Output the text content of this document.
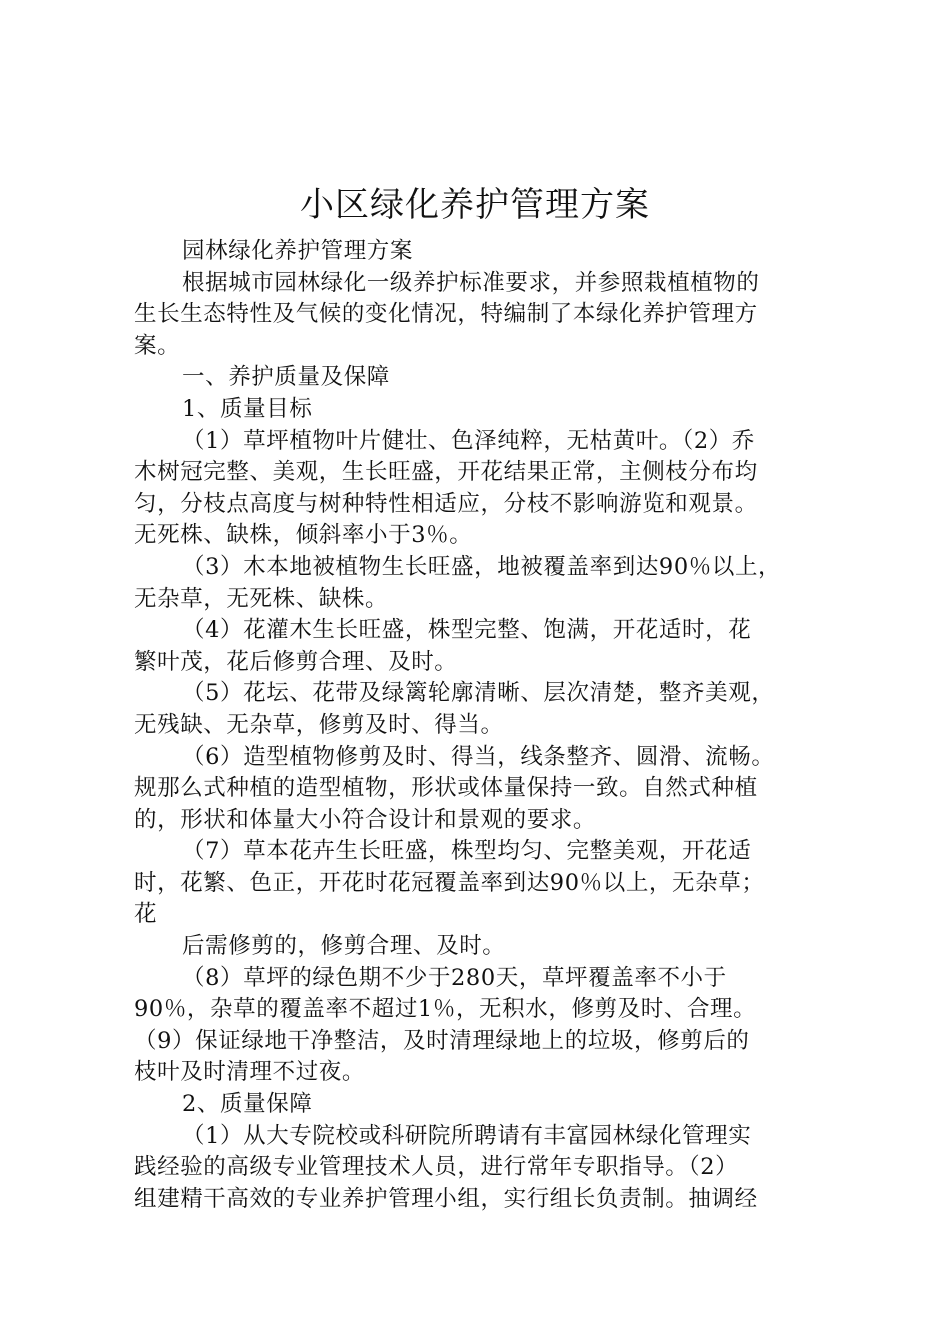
小区绿化养护管理方案

园林绿化养护管理方案

根据城市园林绿化一级养护标准要求，并参照栽植植物的

生长生态特性及气候的变化情况，特编制了本绿化养护管理方

案。

一、养护质量及保障

1、质量目标

（1）草坪植物叶片健壮、色泽纯粹，无枯黄叶。（2）乔

木树冠完整、美观，生长旺盛，开花结果正常，主侧枝分布均

匀，分枝点高度与树种特性相适应，分枝不影响游览和观景。

无死株、缺株，倾斜率小于3％。

（3）木本地被植物生长旺盛，地被覆盖率到达90％以上，

无杂草，无死株、缺株。

（4）花灌木生长旺盛，株型完整、饱满，开花适时，花

繁叶茂，花后修剪合理、及时。

（5）花坛、花带及绿篱轮廓清晰、层次清楚，整齐美观，

无残缺、无杂草，修剪及时、得当。

（6）造型植物修剪及时、得当，线条整齐、圆滑、流畅。

规那么式种植的造型植物，形状或体量保持一致。自然式种植

的，形状和体量大小符合设计和景观的要求。

（7）草本花卉生长旺盛，株型均匀、完整美观，开花适

时，花繁、色正，开花时花冠覆盖率到达90％以上，无杂草；

花

后需修剪的，修剪合理、及时。

（8）草坪的绿色期不少于280天，草坪覆盖率不小于

90％，杂草的覆盖率不超过1％，无积水，修剪及时、合理。

（9）保证绿地干净整洁，及时清理绿地上的垃圾，修剪后的

枝叶及时清理不过夜。

2、质量保障

（1）从大专院校或科研院所聘请有丰富园林绿化管理实

践经验的高级专业管理技术人员，进行常年专职指导。（2）

组建精干高效的专业养护管理小组，实行组长负责制。抽调经
